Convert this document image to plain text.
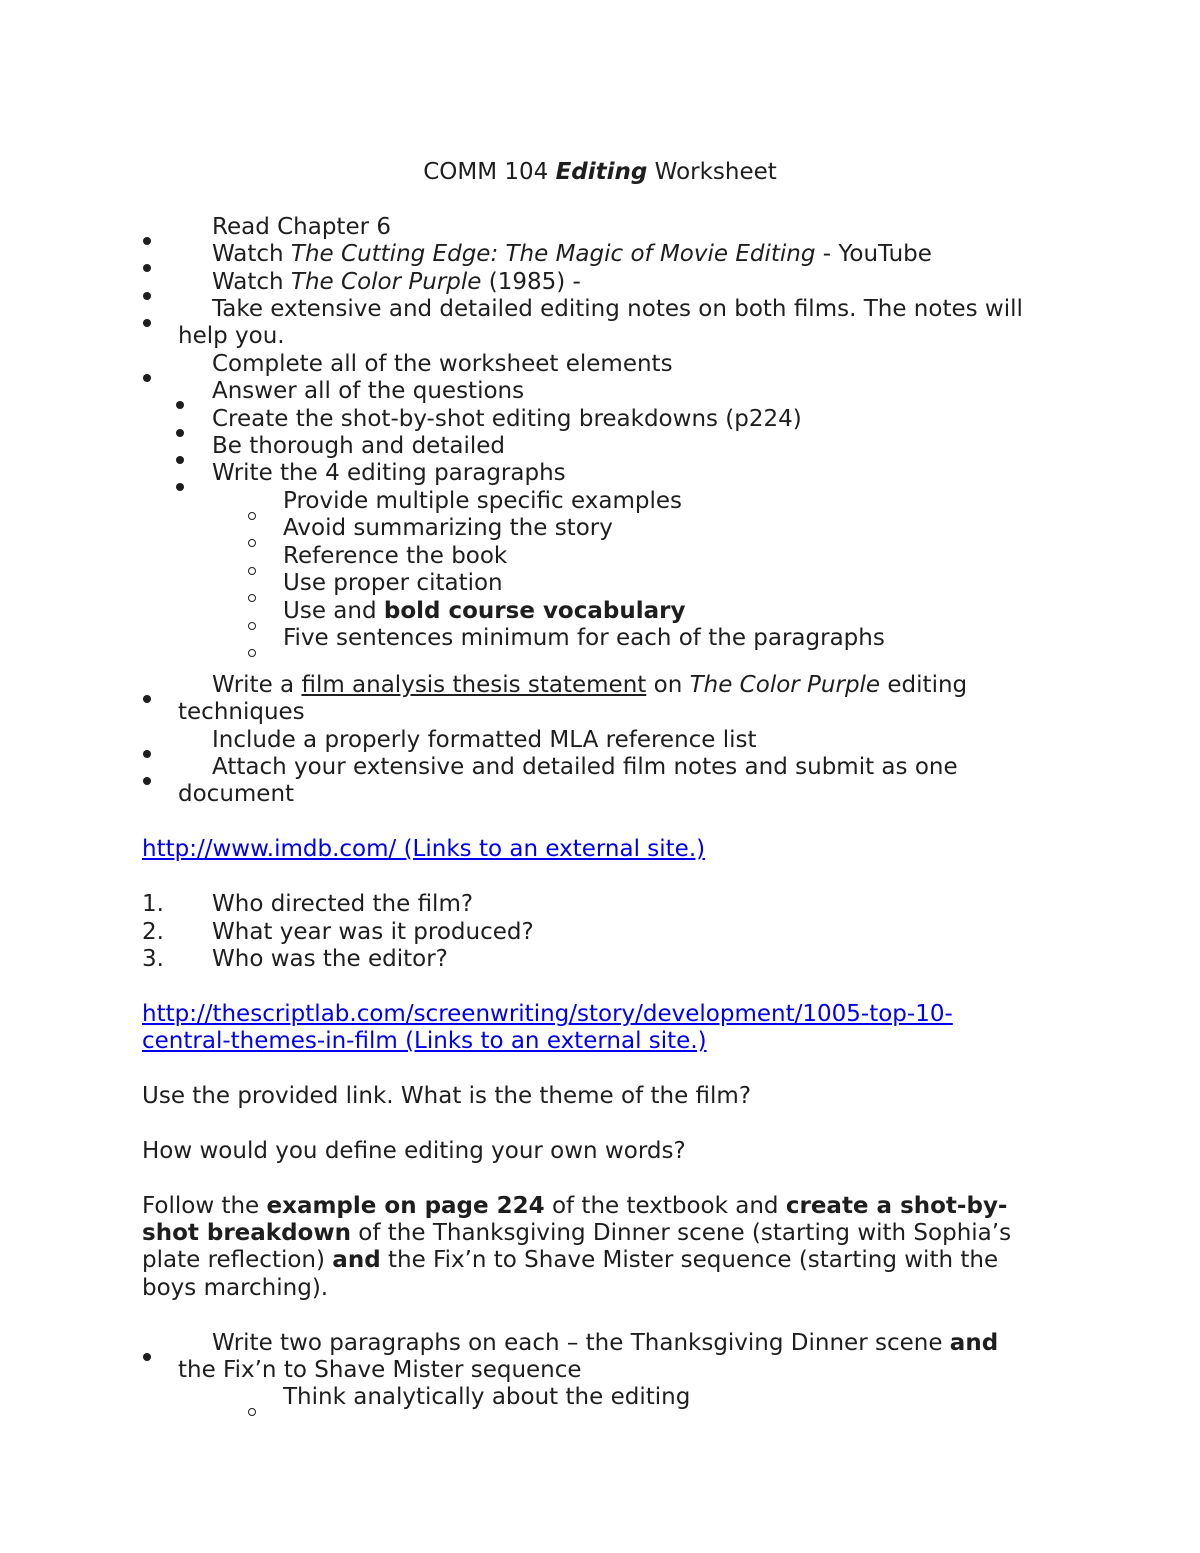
COMM 104 Editing Worksheet
Read Chapter 6
Watch The Cutting Edge: The Magic of Movie Editing - YouTube
Watch The Color Purple (1985) -
Take extensive and detailed editing notes on both films. The notes will
help you.
Complete all of the worksheet elements
Answer all of the questions
Create the shot-by-shot editing breakdowns (p224)
Be thorough and detailed
Write the 4 editing paragraphs
Provide multiple specific examples
Avoid summarizing the story
Reference the book
Use proper citation
Use and bold course vocabulary
Five sentences minimum for each of the paragraphs
Write a film analysis thesis statement on The Color Purple editing
techniques
Include a properly formatted MLA reference list
Attach your extensive and detailed film notes and submit as one
document
http://www.imdb.com/ (Links to an external site.)
1. Who directed the film?
2. What year was it produced?
3. Who was the editor?
http://thescriptlab.com/screenwriting/story/development/1005-top-10-
central-themes-in-film (Links to an external site.)
Use the provided link. What is the theme of the film?
How would you define editing your own words?
Follow the example on page 224 of the textbook and create a shot-by-
shot breakdown of the Thanksgiving Dinner scene (starting with Sophia’s
plate reflection) and the Fix’n to Shave Mister sequence (starting with the
boys marching).
Write two paragraphs on each – the Thanksgiving Dinner scene and
the Fix’n to Shave Mister sequence
Think analytically about the editing
